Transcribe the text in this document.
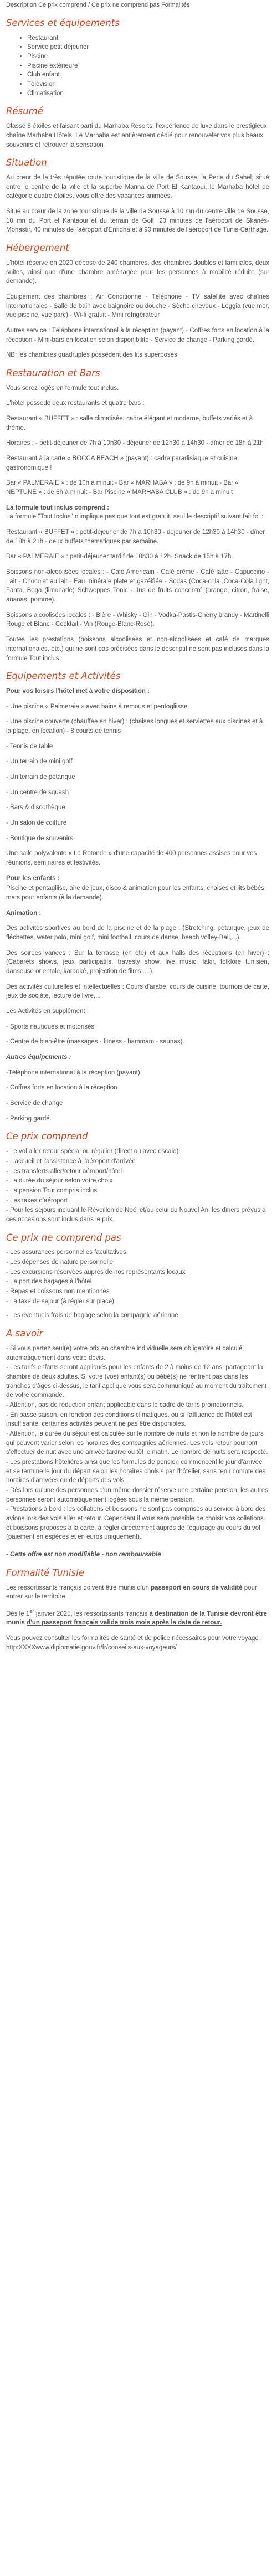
Description Ce prix comprend / Ce prix ne comprend pas Formalités

Services et équipements
• Restaurant
• Service petit déjeuner
• Piscine
• Piscine extérieure
• Club enfant
• Télévision
• Climatisation
Résumé

Classé 5 étoiles et faisant parti du Marhaba Resorts, l'expérience de luxe dans le prestigieux chaîne Marhaba Hôtels, Le Marhaba est entièrement dédié pour renouveler vos plus beaux souvenirs et retrouver la sensation

Situation

Au cœur de la très réputée route touristique de la ville de Sousse, la Perle du Sahel, situé entre le centre de la ville et la superbe Marina de Port El Kantaoui, le Marhaba hôtel de catégorie quatre étoiles, vous offre des vacances animées.

Situé au cœur de la zone touristique de la ville de Sousse à 10 mn du centre ville de Sousse, 10 mn du Port el Kantaoui et du terrain de Golf, 20 minutes de l'aéroport de Skanès-Monastir, 40 minutes de l'aéroport d'Enfidha et à 90 minutes de l'aéroport de Tunis-Carthage.

Hébergement

L'hôtel réserve en 2020 dépose de 240 chambres, des chambres doubles et familiales, deux suites, ainsi que d'une chambre aménagée pour les personnes à mobilité réduite (sur demande).

Equipement des chambres : Air Conditionné - Téléphone - TV satellite avec chaînes internationales - Salle de bain avec baignoire ou douche - Sèche cheveux - Loggia (vue mer, vue piscine, vue parc) - Wi-fi gratuit - Mini réfrigérateur

Autres service : Téléphone international à la réception (payant) - Coffres forts en location à la réception - Mini-bars en location selon disponibilité - Service de change - Parking gardé.

NB: les chambres quadruples possèdent des lits superposés

Restauration et Bars

Vous serez logés en formule tout inclus.

L'hôtel possède deux restaurants et quatre bars :

Restaurant « BUFFET » : salle climatisée, cadre élégant et moderne, buffets variés et à thème.

Horaires : - petit-déjeuner de 7h à 10h30 - déjeuner de 12h30 à 14h30 - dîner de 18h à 21h

Restaurant à la carte « BOCCA BEACH » (payant) : cadre paradisiaque et cuisine gastronomique !

Bar « PALMERAIE » : de 10h à minuit - Bar « MARHABA » : de 9h à minuit - Bar « NEPTUNE » : de 6h à minuit - Bar Piscine « MARHABA CLUB » : de 9h à minuit

La formule tout inclus comprend :

La formule "Tout Inclus" n'implique pas que tout est gratuit, seul le descriptif suivant fait foi :

Restaurant « BUFFET » : petit-déjeuner de 7h à 10h30 - déjeuner de 12h30 à 14h30 - dîner de 18h à 21h - deux buffets thématiques par semaine.

Bar « PALMERAIE » : petit-déjeuner tardif de 10h30 à 12h- Snack de 15h à 17h.

Boissons non-alcoolisées locales : - Café Americain - Café crème - Café latte - Capuccino - Lait - Chocolat au lait - Eau minérale plate et gazéifiée - Sodas (Coca-cola ,Coca-Cola light, Fanta, Boga (limonade) Schweppes Tonic - Jus de fruits concentré (orange, citron, fraise, ananas, pomme).

Boissons alcoolisées locales : - Bière - Whisky - Gin - Vodka-Pastis-Cherry brandy - Martinelli Rouge et Blanc - Cocktail - Vin (Rouge-Blanc-Rosé).

Toutes les prestations (boissons alcoolisées et non-alcoolisées et café de marques internationales, etc.) qui ne sont pas précisées dans le descriptif ne sont pas incluses dans la formule Tout inclus.

Equipements et Activités

Pour vos loisirs l'hôtel met à votre disposition :

- Une piscine « Palmeraie » avec bains à remous et pentogliisse

- Une piscine couverte (chauffée en hiver) : (chaises longues et serviettes aux piscines et à la plage, en location) - 8 courts de tennis

- Tennis de table

- Un terrain de mini golf

- Un terrain de pétanque

- Un centre de squash

- Bars & discothèque

- Un salon de coiffure

- Boutique de souvenirs.

Une salle polyvalente « La Rotonde » d'une capacité de 400 personnes assises pour vos réunions, séminaires et festivités.

Pour les enfants :

Piscine et pentagliise, aire de jeux, disco & animation pour les enfants, chaises et lits bébés, mats pour enfants (à la demande).

Animation :

Des activités sportives au bord de la piscine et de la plage : (Stretching, pétanque, jeux de fléchettes, water polo, mini golf, mini football, cours de danse, beach volley-Ball,...).

Des soirées variées : Sur la terrasse (en été) et aux halls des réceptions (en hiver) : (Cabarets shows, jeux participatifs, travesty show, live music, fakir, folklore tunisien, danseuse orientale, karaoké, projection de films,....).

Des activités culturelles et intellectuelles : Cours d'arabe, cours de cuisine, tournois de carte, jeux de société, lecture de livre,...

Les Activités en supplément :

- Sports nautiques et motorisés

- Centre de bien-être (massages - fitness - hammam - saunas).

Autres équipements :

-Téléphone international à la réception (payant)

- Coffres forts en location à la réception

- Service de change

- Parking gardé.

Ce prix comprend

- Le vol aller retour spécial ou régulier (direct ou avec escale)

- L'accueil et l'assistance à l'aéroport d'arrivée

- Les transferts aller/retour aéroport/hôtel

- La durée du séjour selon votre choix

- La pension Tout compris inclus

- Les taxes d'aéroport

- Pour les séjours incluant le Réveillon de Noël et/ou celui du Nouvel An, les dîners prévus à ces occasions sont inclus dans le prix.

Ce prix ne comprend pas

- Les assurances personnelles facultatives

- Les dépenses de nature personnelle

- Les excursions réservées auprès de nos représentants locaux

- Le port des bagages à l'hôtel

- Repas et boissons non mentionnés

- La taxe de séjour (à régler sur place)

- Les éventuels frais de bagage selon la compagnie aérienne

A savoir

- Si vous partez seul(e) votre prix en chambre individuelle sera obligatoire et calculé automatiquement dans votre devis.

- Les tarifs enfants seront appliqués pour les enfants de 2 à moins de 12 ans, partageant la chambre de deux adultes. Si votre (vos) enfant(s) ou bébé(s) ne rentrent pas dans les tranches d'âges ci-dessus, le tarif appliqué vous sera communiqué au moment du traitement de votre commande.

- Attention, pas de réduction enfant applicable dans le cadre de tarifs promotionnels.

- En basse saison, en fonction des conditions climatiques, ou si l'affluence de l'hôtel est insuffisante, certaines activités peuvent ne pas être disponibles.

- Attention, la durée du séjour est calculée sur le nombre de nuits et non le nombre de jours qui peuvent varier selon les horaires des compagnies aériennes. Les vols retour pourront s'effectuer de nuit avec une arrivée tardive ou tôt le matin. Le nombre de nuits sera respecté.

- Les prestations hôtelières ainsi que les formules de pension commencent le jour d'arrivée et se termine le jour du départ selon les horaires choisis par l'hôtelier, sans tenir compte des horaires d'arrivées ou de départs des vols.

- Dès lors qu'une des personnes d'un même dossier réserve une certaine pension, les autres personnes seront automatiquement logées sous la même pension.

- Prestations à bord : les collations et boissons ne sont pas comprises au service à bord des avions lors des vols aller et retour. Cependant il vous sera possible de choisir vos collations et boissons proposés à la carte, à régler directement auprès de l'équipage au cours du vol (paiement en espèces et en euros uniquement).

- Cette offre est non modifiable - non remboursable

Formalité Tunisie

Les ressortissants français doivent être munis d'un passeport en cours de validité pour entrer sur le territoire.

Dès le 1er janvier 2025, les ressortissants français à destination de la Tunisie devront être munis d'un passeport français valide trois mois après la date de retour.

Vous pouvez consulter les formalités de santé et de police nécessaires pour votre voyage : http:XXXXwww.diplomatie.gouv.fr/fr/conseils-aux-voyageurs/
